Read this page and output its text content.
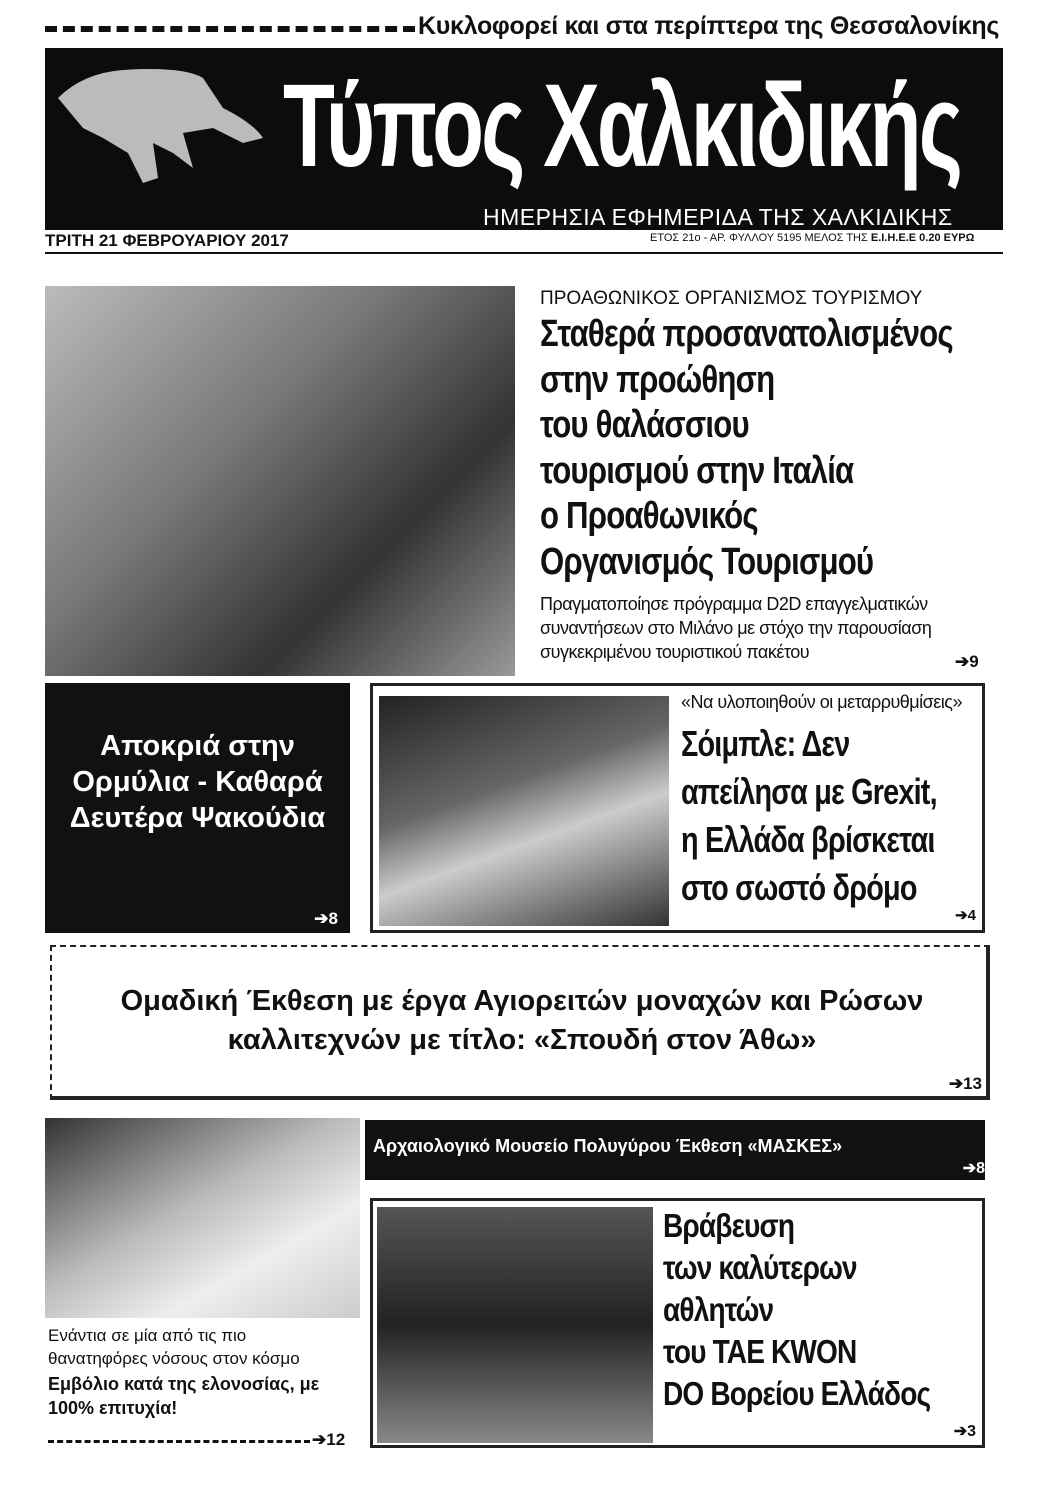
Κυκλοφορεί και στα περίπτερα της Θεσσαλονίκης
Τύπος Χαλκιδικής
ΗΜΕΡΗΣΙΑ ΕΦΗΜΕΡΙΔΑ ΤΗΣ ΧΑΛΚΙΔΙΚΗΣ
ΤΡΙΤΗ 21 ΦΕΒΡΟΥΑΡΙΟΥ 2017	ΕΤΟΣ 21ο - ΑΡ. ΦΥΛΛΟΥ 5195 ΜΕΛΟΣ ΤΗΣ Ε.Ι.Η.Ε.Ε 0.20 ΕΥΡΩ
ΠΡΟΑΘΩΝΙΚΟΣ ΟΡΓΑΝΙΣΜΟΣ ΤΟΥΡΙΣΜΟΥ
Σταθερά προσανατολισμένος
στην προώθηση
του θαλάσσιου
τουρισμού στην Ιταλία
ο Προαθωνικός
Οργανισμός Τουρισμού
Πραγματοποίησε πρόγραμμα D2D επαγγελματικών συναντήσεων στο Μιλάνο με στόχο την παρουσίαση συγκεκριμένου τουριστικού πακέτου	➔9
Αποκριά στην Ορμύλια - Καθαρά Δευτέρα Ψακούδια
➔8
«Να υλοποιηθούν οι μεταρρυθμίσεις»
Σόιμπλε: Δεν
απείλησα με Grexit,
η Ελλάδα βρίσκεται
στο σωστό δρόμο
➔4
Ομαδική Έκθεση με έργα Αγιορειτών μοναχών και Ρώσων καλλιτεχνών με τίτλο: «Σπουδή στον Άθω»
➔13
Ενάντια σε μία από τις πιο θανατηφόρες νόσους στον κόσμο
Εμβόλιο κατά της ελονοσίας, με 100% επιτυχία!
➔12
Αρχαιολογικό Μουσείο Πολυγύρου Έκθεση «ΜΑΣΚΕΣ»
➔8
Βράβευση
των καλύτερων
αθλητών
του TAE KWON
DO Βορείου Ελλάδος
➔3
